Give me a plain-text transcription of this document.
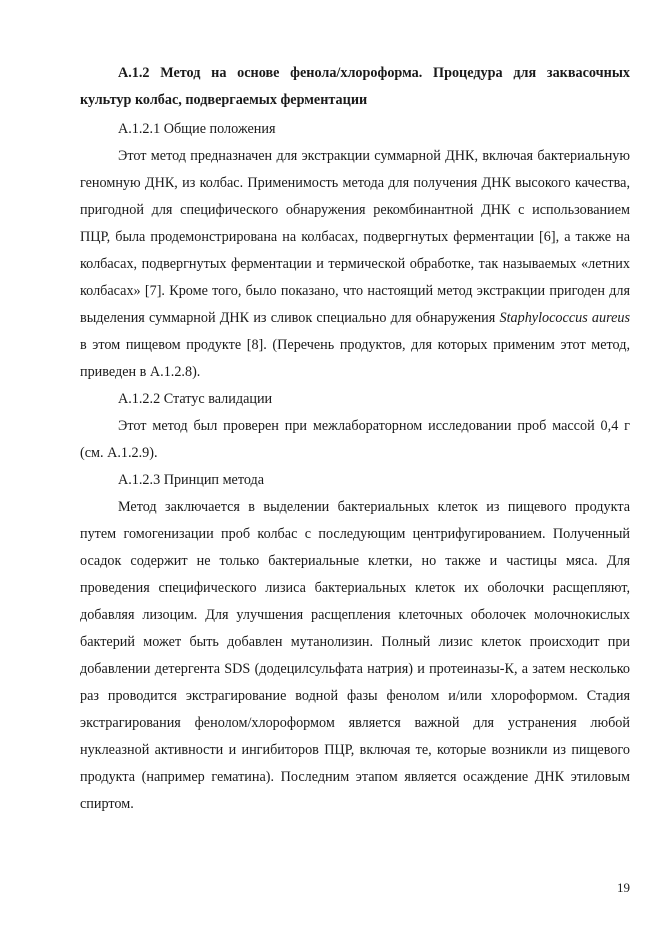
А.1.2 Метод на основе фенола/хлороформа. Процедура для заквасочных культур колбас, подвергаемых ферментации

А.1.2.1 Общие положения

Этот метод предназначен для экстракции суммарной ДНК, включая бактериальную геномную ДНК, из колбас. Применимость метода для получения ДНК высокого качества, пригодной для специфического обнаружения рекомбинантной ДНК с использованием ПЦР, была продемонстрирована на колбасах, подвергнутых ферментации [6], а также на колбасах, подвергнутых ферментации и термической обработке, так называемых «летних колбасах» [7]. Кроме того, было показано, что настоящий метод экстракции пригоден для выделения суммарной ДНК из сливок специально для обнаружения Staphylococcus aureus в этом пищевом продукте [8]. (Перечень продуктов, для которых применим этот метод, приведен в А.1.2.8).

А.1.2.2 Статус валидации

Этот метод был проверен при межлабораторном исследовании проб массой 0,4 г (см. А.1.2.9).

А.1.2.3 Принцип метода

Метод заключается в выделении бактериальных клеток из пищевого продукта путем гомогенизации проб колбас с последующим центрифугированием. Полученный осадок содержит не только бактериальные клетки, но также и частицы мяса. Для проведения специфического лизиса бактериальных клеток их оболочки расщепляют, добавляя лизоцим. Для улучшения расщепления клеточных оболочек молочнокислых бактерий может быть добавлен мутанолизин. Полный лизис клеток происходит при добавлении детергента SDS (додецилсульфата натрия) и протеиназы-К, а затем несколько раз проводится экстрагирование водной фазы фенолом и/или хлороформом. Стадия экстрагирования фенолом/хлороформом является важной для устранения любой нуклеазной активности и ингибиторов ПЦР, включая те, которые возникли из пищевого продукта (например гематина). Последним этапом является осаждение ДНК этиловым спиртом.

19
